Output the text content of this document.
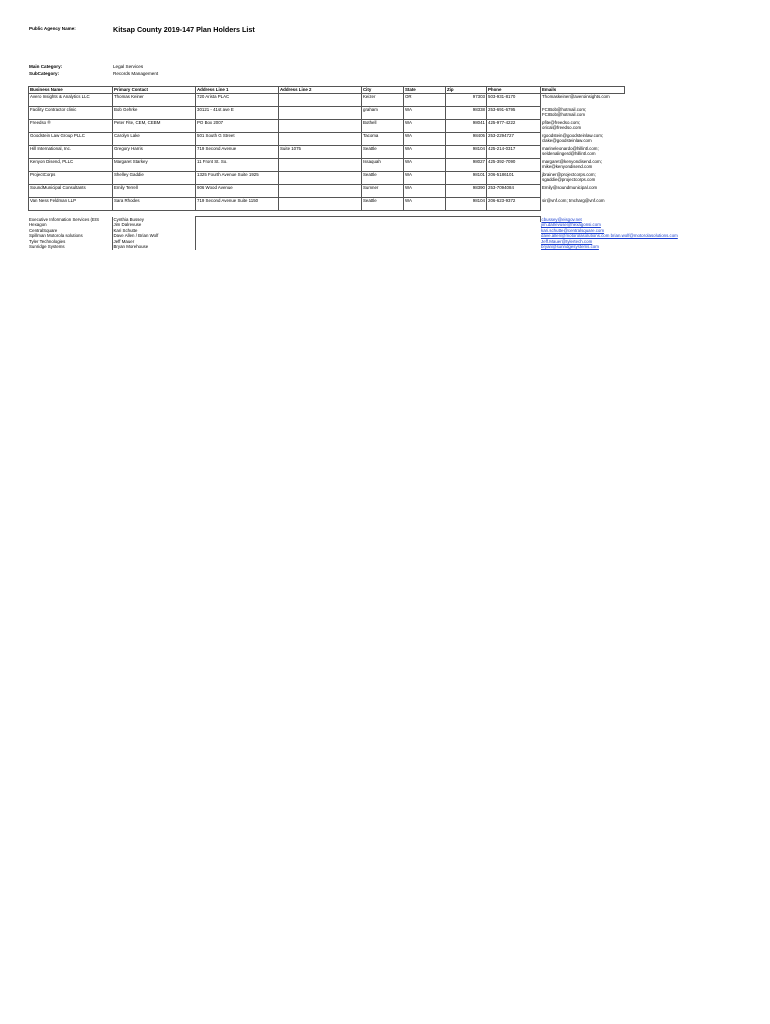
Public Agency Name:	Kitsap County 2019-147 Plan Holders List
Main Category:	Legal Services
SubCategory:	Records Management
Business Name	Primary Contact	Address Line 1	Address Line 2	City	State	Zip	Phone	Emails
Avero Insights & Analytics LLC	Thomas Keiner	720 Arista PLAC		Keizer	OR	97303	503-931-8170	Thomaskeiner@averoinsights.com

Facility Contractor clinic	Bob Gehrke	30121 - 41st ave E		graham	WA	98338	253-691-6795	FCIBob@hotmail.com;
FCIBob@hotmail.com

Freedso ®	Peter Fite, CEM, CEBM	PO Box 2007		Bothell	WA	98041	425-977-4222	pfite@freedso.com;
orical@freedso.com

Goodstein Law Group PLLC	Carolyn Lake	501 South G Street		Tacoma	WA	98405	253-2294727	rgoodstein@goodsteinlaw.com;
clake@goodsteinlaw.com

Hill International, Inc.	Gregory Harris	719 Second Avenue	Suite 1075	Seattle	WA	98104	425-214-0317	marineleonardo@hillintl.com;
seldenalingerd@hillintl.com

Kenyon Disend, PLLC	Margaret Starkey	11 Front St. So.		Issaquah	WA	98027	425-392-7090	margaret@kenyondisend.com;
mike@kenyondisend.com

ProjectCorps	Shelley Gaddie	1325 Fourth Avenue Suite 1925		Seattle	WA	98101	206-5186101	jbrainer@projectcorps.com;
sgaddie@projectcorps.com

SoundMunicipal Consultants	Emily Terrell	906 Wood Avenue		Sumner	WA	98390	253-7094084	Emily@soundmunicipal.com

Van Ness Feldman LLP	Sara Rhodes	719 Second Avenue Suite 1150		Seattle	WA	98104	206-623-9372	sir@vnf.com; tmcharg@vnf.com
Executive Information Services (EIS	Cynthia Bussey		cbussey@eisgov.net
Hexagon	Jim Dalrevuse		jim.dalrevuse@hexagonsi.com
CentralSquare	Kari Schutte		kari.schutte@centralsquare.com
Spillman Motorola solutions	Dave Allen / Brian Wolf		dave.allen@motorolasolutions.com brian.wolf@motorolasolutions.com
Tyler Technologies	Jeff Mauer		Jeff.Mauer@tylertech.com
Sunridge Systems	Bryan Morehouse		bryan@sunridgesystems.com
